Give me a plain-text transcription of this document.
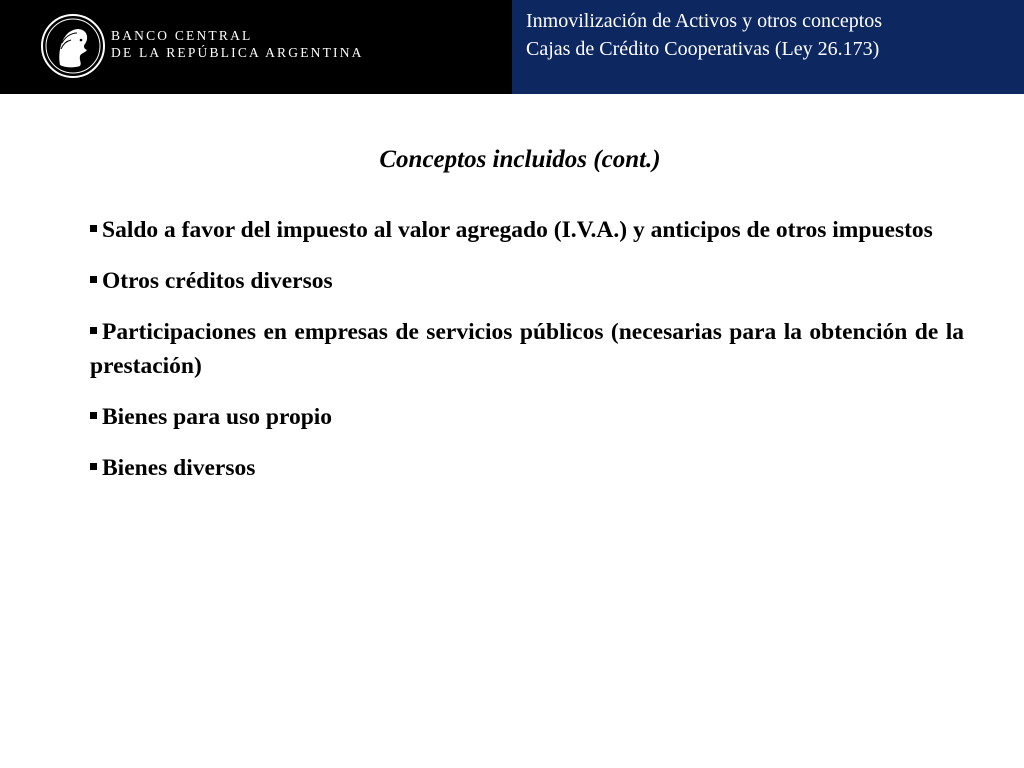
BANCO CENTRAL
DE LA REPÚBLICA ARGENTINA
Inmovilización de Activos y otros conceptos
Cajas de Crédito Cooperativas (Ley 26.173)
Conceptos incluidos (cont.)
Saldo a favor del impuesto al valor agregado (I.V.A.) y anticipos de otros impuestos
Otros créditos diversos
Participaciones en empresas de servicios públicos (necesarias para la obtención de la prestación)
Bienes para uso propio
Bienes diversos
